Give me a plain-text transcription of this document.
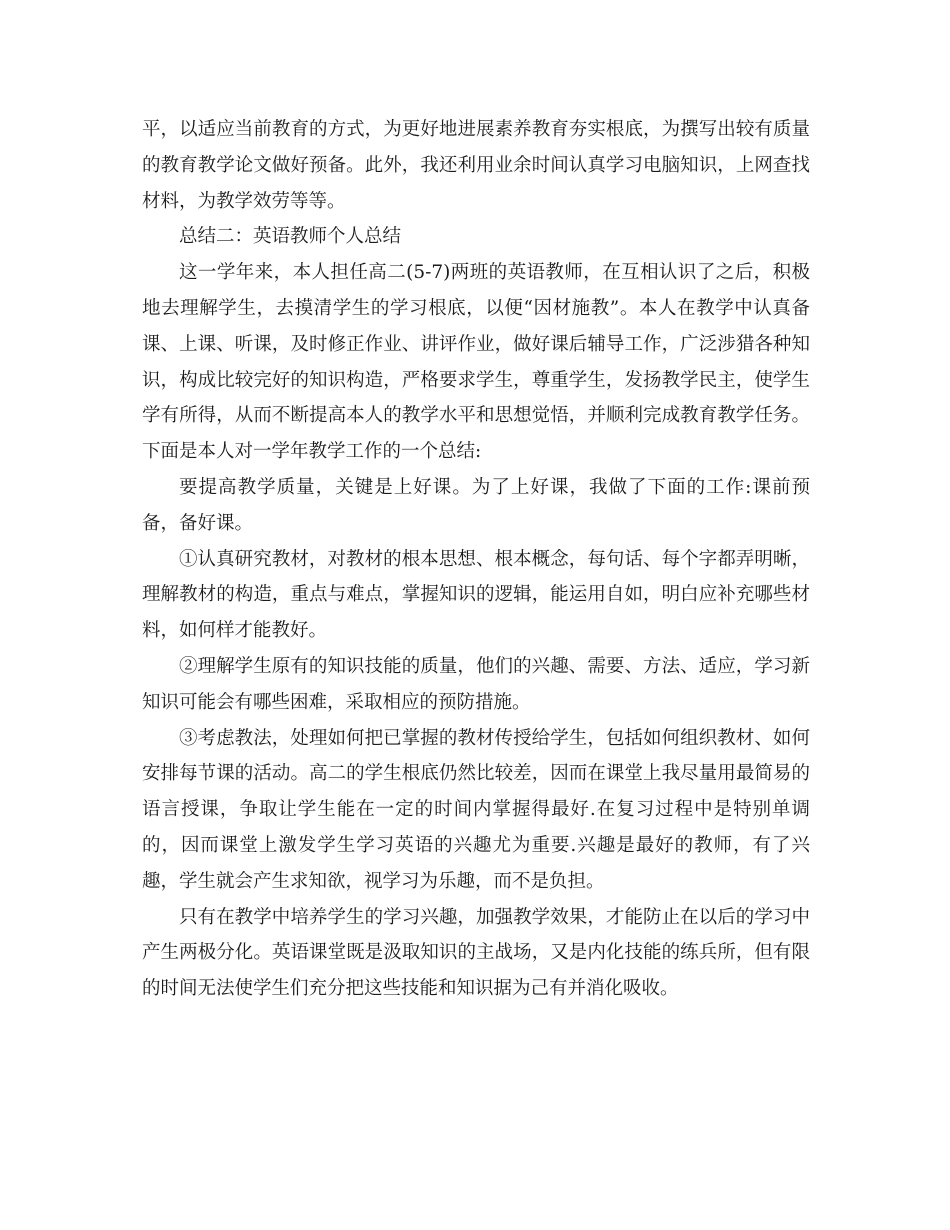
平，以适应当前教育的方式，为更好地进展素养教育夯实根底，为撰写出较有质量的教育教学论文做好预备。此外，我还利用业余时间认真学习电脑知识，上网查找材料，为教学效劳等等。

总结二：英语教师个人总结

这一学年来，本人担任高二(5-7)两班的英语教师，在互相认识了之后，积极地去理解学生，去摸清学生的学习根底，以便“因材施教”。本人在教学中认真备课、上课、听课，及时修正作业、讲评作业，做好课后辅导工作，广泛涉猎各种知识，构成比较完好的知识构造，严格要求学生，尊重学生，发扬教学民主，使学生学有所得，从而不断提高本人的教学水平和思想觉悟，并顺利完成教育教学任务。下面是本人对一学年教学工作的一个总结:

要提高教学质量，关键是上好课。为了上好课，我做了下面的工作:课前预备，备好课。

①认真研究教材，对教材的根本思想、根本概念，每句话、每个字都弄明晰，理解教材的构造，重点与难点，掌握知识的逻辑，能运用自如，明白应补充哪些材料，如何样才能教好。

②理解学生原有的知识技能的质量，他们的兴趣、需要、方法、适应，学习新知识可能会有哪些困难，采取相应的预防措施。

③考虑教法，处理如何把已掌握的教材传授给学生，包括如何组织教材、如何安排每节课的活动。高二的学生根底仍然比较差，因而在课堂上我尽量用最简易的语言授课，争取让学生能在一定的时间内掌握得最好.在复习过程中是特别单调的，因而课堂上激发学生学习英语的兴趣尤为重要.兴趣是最好的教师，有了兴趣，学生就会产生求知欲，视学习为乐趣，而不是负担。

只有在教学中培养学生的学习兴趣，加强教学效果，才能防止在以后的学习中产生两极分化。英语课堂既是汲取知识的主战场，又是内化技能的练兵所，但有限的时间无法使学生们充分把这些技能和知识据为己有并消化吸收。
